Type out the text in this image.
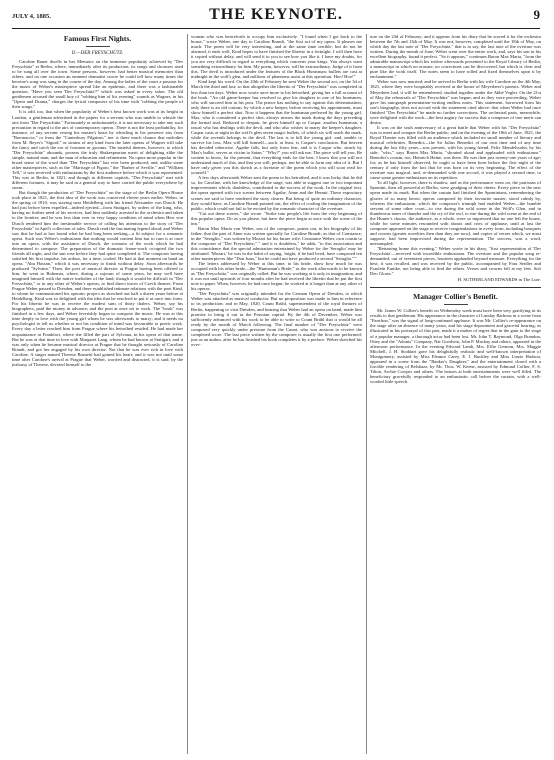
JULY 4, 1885.	THE KEYNOTE.	9

Famous First Nights.

II.—DER FREYSCHÜTZ.

Caroline Bauer dwells in her Memoirs on the immense popularity achieved by "Der Freyschütz" at Berlin, where, immediately after its production, its songs and choruses used to be sung all over the town. Some persons, however, had better musical memories than others; and on one occasion an eminent dramatist swore he could tell how many times the heroine's song was sung in the course of the day. Among the ladies of the court a passion for the music of Weber's masterpiece spread like an epidemic, and there was a fashionable question, "Have you seen 'Der Freyschütz'?" which was asked in every salon. The old gentlemen accused the small boy of "robbing him of his evening" sounds as Wagner, in his "Opera and Drama," charges the lyrical composers of his time with "robbing the people of their songs."

It is odd, too, that when the popularity of Weber's best known work was at its height in London, a gentleman advertised in the papers for a servant who was unable to whistle the airs from "Der Freyschütz." Fortunately or unfortunately, it is not necessary to take any such precaution in regard to the airs of contemporary operas. There is not the least probability, for instance, of any servant vexing his master's heart by whistling in his presence airs from "Beronaccia," or from the "Canterbury Pilgrims;" nor is there much chance that melodies from M. Reyer's "Sigurd," or strains of any kind from the later operas of Wagner will take the fancy and catch the ear of footmen or grooms. The tasteful themes, however, to which "Der Freyschütz" abounds, possess the truly Shakespearian merit of delighting alike the simple, natural man, and the man of education and refinement. No opera more popular in the broad sense of the word than "Der Freyschütz" has ever been produced; and, unlike some other masterpieces, such as the "Marriage of Figaro," the "Barber of Seville," and "William Tell," it was received with enthusiasm by the first audience before which it was represented. This was at Berlin, in 1821, and though in different capitals, "Der Freyschütz" met with different fortunes, it may be said in a general way to have carried the public everywhere by storm.

But though the production of "Der Freyschütz" on the stage of the Berlin Opera House took place in 1821, the first idea of the work was conceived eleven years earlier. Weber, in the spring of 1810, was staying near Heidelberg with his friend Alexander von Dusch. He had just before been expelled—indeed ejected—from Stuttgart, by orders of the king, who, having no further need of his services, had him suddenly arrested in the orchestra and taken to the frontier; and he was less than ever in very happy condition of mind when Herr von Dusch rendered him the inestimable service of calling his attention to the story of "Der Freyschütz" in Apel's collection of tales. Dusch read the fascinating legend aloud; and Weber saw that he had at last found what he had long been seeking—a fit subject for a romantic opera. Such was Weber's enthusiasm that nothing would content him but to turn it at once into an opera, with the assistance of Dusch, the scenario of the work which he had determined to compose. The preparation of the dramatic frame-work occupied the two friends all night, and the sun rose before they had quite completed it. The composer having satisfied his first impulse, his ardour, for a time, cooled. He had at that moment on hand an opera, "Abu Hassan," which it was necessary to finish without delay. Soon afterwards he produced "Sylvana." Then, the post of musical director at Prague having been offered to him, he went to Bohemia, where, during a sojourn of some years, he may well have imagined himself with the native melodies of the land; though it would be difficult in "Der Freyschütz," or in any other of Weber's operas, to find direct traces of Czech themes. From Prague Weber passed to Dresden, and there established intimate relations with the poet Kind, to whom he communicated his operatic project as sketched out half a dozen years before at Heidelberg. Kind was so delighted with the idea that he resolved to put it at once into form. For his libretto he was to receive the modest sum of thirty thalers. Weber, say his biographers, paid the money in advance; and the poet at once set to work. The "book" was finished in a few days, and Weber feverishly began to compose the music. He was at this time deeply in love with the young girl whom he was afterwards to marry; and it needs no psychologist to tell us whether or not his condition of mind was favourable to poetic work. Every day a letter reached him from Prague where his betrothed resided. He had made her acquaintance at Frankfort, where she filled the part of Sylvana, in his opera of that name. But he was at that time in love with Margaret Lang, whom he had known at Stuttgart; and it was only when he became musical director at Prague that he thought seriously of Caroline Brandt, and got her engaged by his own director. Not that he was ever rich in love with Caroline. A singer named Therese Brunetti had gained his heart; and it was not until some time after Caroline's arrival at Prague that Weber, worried and distracted, it is said, by the jealousy of Therese, devoted himself to the

woman who was henceforth to occupy him exclusively. "I found when I got back to the house," wrote Weber, one day to Caroline Brandt, "the first act of my opera. It pleases me much. The poem will be very interesting, and at the same time terrible; but do not be alarmed, it ends well. Kind hopes to have finished the libretto in a fortnight. I will then have it copied without delay, and will send it to you to see how you like it. I have my doubts, for you are very difficult in regard to everything which concerns your kings. You always want something extraordinary for him. My poem, however, will be extraordinary. Judge of it from this. The devil is introduced under the features of the Black Huntsman; bullets are cast at midnight in the wolf's glen, and millions of phantoms assist at this operation. Hoo! Hoo!"

Kind kept his word. On the 20th of February he sent Weber the second act; on the 3d of March the third and last; so that altogether the libretto of "Der Freyschütz" was completed in less than ten days. Weber now wrote once more to his betrothed, giving her a full account of the book. "An old game-keeper has resolved to give his daughter to one of his huntsmen, who will succeed him in his post. The prince has nothing to say against this determination; only there is an old custom, by which a new keeper, before receiving his appointment, must show himself a perfect shot. Now it happens that the huntsman preferred by the young girl, Max, who is considered a perfect shot, always misses the mark during the days preceding the formal trial. Reduced to despair, he gives himself up to Caspar, another huntsman, a rascal who has dealings with the devil, and who also wishes to marry the keeper's daughter. Caspar casts at night in the wolf's glen seven magic bullets, of which six will reach the mark, while the seventh belongs to the devil. The last is to kill the young girl: and, unable to survive his loss, Max will kill himself—such, at least, is Caspar's conclusion. But heaven has decided otherwise. Agathe falls, but only from fear, and it is Caspar who, struck by Max's bullet, serves as victim to Satan." "Why?" you will ask me. The piece will tell you. Be content to know, for the present, that everything ends for the best. I know that you will not understand much of this, and that you will, perhaps, not be able to form any idea of it. But I have only given you this sketch as a foretaste of the poem which you will soon read for yourself."

A few days afterwards Weber sent the poem to his betrothed, and it was lucky that he did so, for Caroline, with her knowledge of the stage, was able to suggest one or two important improvements which, doubtless, contributed to the success of the work. In the original text, the opera opened with two scenes between Agathe, Anne and the Hermit. These expository scenes are said to have rendered the story clearer. But being of quite an ordinary character, they would have, as Caroline Brandt pointed out, the effect of cooling the imagination of the public, which could not fail to be excited by the romantic character of the overture.

"Cut out these scenes," she wrote. "Strike into people's life from the very beginning of this popular opera. Do as you please, but have the piece begin at once with the scene of the inn."

Baron Max Maria von Weber, son of the composer, points out, in his biography of his father, that the part of Anne was written specially for Caroline Brandt; as that of Constance, in the "Seraglio," was written by Mozart for his future wife, Constance Weber, own cousin to the composer of "Der Freyschütz;" " and it is doubtless," he adds, "to this association and this coincidence that the special admiration entertained by Weber for the 'Seraglio' may be attributed. 'Mozart,' he was in the habit of saying, 'might, if he had lived, have composed ten other masterpieces like "Don Juan," but he could not have produced a second "Seraglio."'"

The letters addressed by Weber at this time, to his bride, show how much he was occupied with his other bride—the "Huntsman's Bride," as the work afterwards to be known as "Der Freyschütz," was originally called. But he was working at it only in imagination; and it was not until upwards of four months after he had received the libretto that he put the first note to paper. When, however, he had once begun, he worked at it longer than at any other of his operas.

"Der Freyschütz" was originally intended for the German Opera of Dresden, to which Weber was attached as musical conductor. But no proposition was made to him in reference to its production; and in May, 1820, Count Brühl, superintendent of the royal theatres of Berlin, happening to visit Dresden, and hearing that Weber had an opera on hand, made him promise to bring it out in the Prussian capital. By the 4th of December, Weber was sufficiently advanced with his work to be able to write to Count Brühl that it would be all ready by the month of March following. The final number of "Der Freyschütz" were composed very quickly under pressure from the Count, who was anxious to receive the completed score. The last piece written by the composer is usually the first one performed; just as an author, after he has finished his book completes it by a preface. Weber sketched his over-

ture on the 23d of February; and it appears from his diary that he scored it for the orchestra between the 7th and 13th of May. It was not, however, completed until the 18th of May, on which day the last note of "Der Freyschütz," that is to say, the last note of the overture was written. During the month of June, Weber went over the entire work, and, says his son in his excellent biography, found it perfect. "So it appears," continues Baron Max Maria, "from the admirable manuscript which his widow afterwards presented to the Royal Library of Berlin, a manuscript in which no erasure, no corrections can be discovered, but which is clear and pure like the work itself. The notes seem to have rolled and fixed themselves upon it by enchantment."

Weber was now married; and he arrived in Berlin with his wife Caroline on the 4th May, 1821, where they were hospitably received at the house of Meyerbeer's parents. Weber and Meyerbeer had, it will be remembered, studied together under the Abbé Vogler. On the 21st of May the rehearsals of "Der Freyschütz" was begun; and as they were proceeding, Weber gave his autograph presentation-writing endless notes. This statement, borrowed from his son's biography, does not accord with the statement cited above: that when Weber had once finished "Der Freyschütz" he made no further corrections. The orchestral parts, meanwhile, were delighted with the work—the best augury for success that a composer of true merit can desire.

It was on the sixth anniversary of a great battle that Weber with his "Der Freyschütz" was to meet and conquer the Berlin public; and on the evening of the 18th of June, 1821, the Royal Theatre was filled with an audience which included no small number of literary and musical celebrities. Benedict—the Sir Julius Benedict of our own time and of any time during the last fifty years—was present, with his young friend, Felix Mendelssohn, by his side; "who," says Baron Max Maria, "shouted aloud and applauded with enthusiasm." Benedict's cousin, too, Heinrich Heine, was there. He was then just twenty-one years of age; for, as he has himself observed, he ought to have been born before the first night of the century if only from the fact that he was born on its very beginning. The effect of the overture was magical, and, re-demanded with one accord, it was played a second time, to cause some greater enthusiasm on its repetition.

To all light, however, there is shadow, and as the performance went on, the partisans of Spontini, then all powerful at Berlin, were grudging of their cheers. Every piece in the new opera made its mark. But when the curtain had finished the Spontinians, remembering the glories of so many heroic operas composed by their favourite master, stood calmly by, whereas the enthusiasm, which the composer's triumph had enabled Weber—the humble servant of some other court—to rise during the wild scene in the Wolf's Glen, and in thunderous tones of thunder and the cry of the owl, to rise during the wild scene at the end of the Hunter's chorus, the audience, as a whole, were so impressed that no one left the house, while for some minutes resounded with shouts and cries of applause, until at last the composer appeared on the stage to receive congratulations in every form, including bouquets and crowns (greater novelties then than they are now), and copies of verses which, we must suppose, had been improvised during the representation. The success, was a word, unexampled.

"Returning home this evening," Weber wrote in his diary, "first representation of 'Der Freyschütz'—received with incredible enthusiasm. The overture and the popular song re-demanded; out of seventeen pieces, fourteen applauded beyond measure. Everything for the best; it was recalled, and was received by the public, accompanied by Frau Seidler and Fraulein Eunike, not being able to find the others. Verses and crowns fell at my feet. Soli Deo Gloria."

H. SUTHERLAND EDWARDS in The Lute.

Manager Collier's Benefit.

Mr. James W. Collier's benefit on Wednesday week must have been very gratifying in its results to that gentleman. His appearance in the character of Lunday Barbous in a scene from "Fanchon," was the signal of long-continued applause. It was Mr. Collier's re-appearance on the stage after an absence of many years, and his stage deportment and graceful bearing, as illustrated in his portrayal of this part, made it a matter of regret that in the gain to the stage of a popular manager, a thorough actor had been lost. Mr. John T. Raymond, Olga Brandon, Ottey and the "Adonis" Company, Nat Goodwin, John P. Mackay and others, appeared in the afternoon performance. In the evening Edward Lamb, Mrs. Effie Germon, Mrs. Maggie Mitchell, J. H. Stoddart gave his delightfully realistic and well-known interpretation of Montgomery, assisted by Miss Eleanor Carey. E. J. Buckley and Miss Linzie Hudson, appeared in a scene from the "Banker's Daughter," and the entertainment closed with a forcible rendering of Belshazz, by Mr. Thos. W. Keene, assisted by Edmund Collier, F. S. Tilton, Archie Cowper and others. The houses at both entertainments were well filled. The beneficiary gracefully responded to an enthusiastic call before the curtain, with a well-worded little speech.
